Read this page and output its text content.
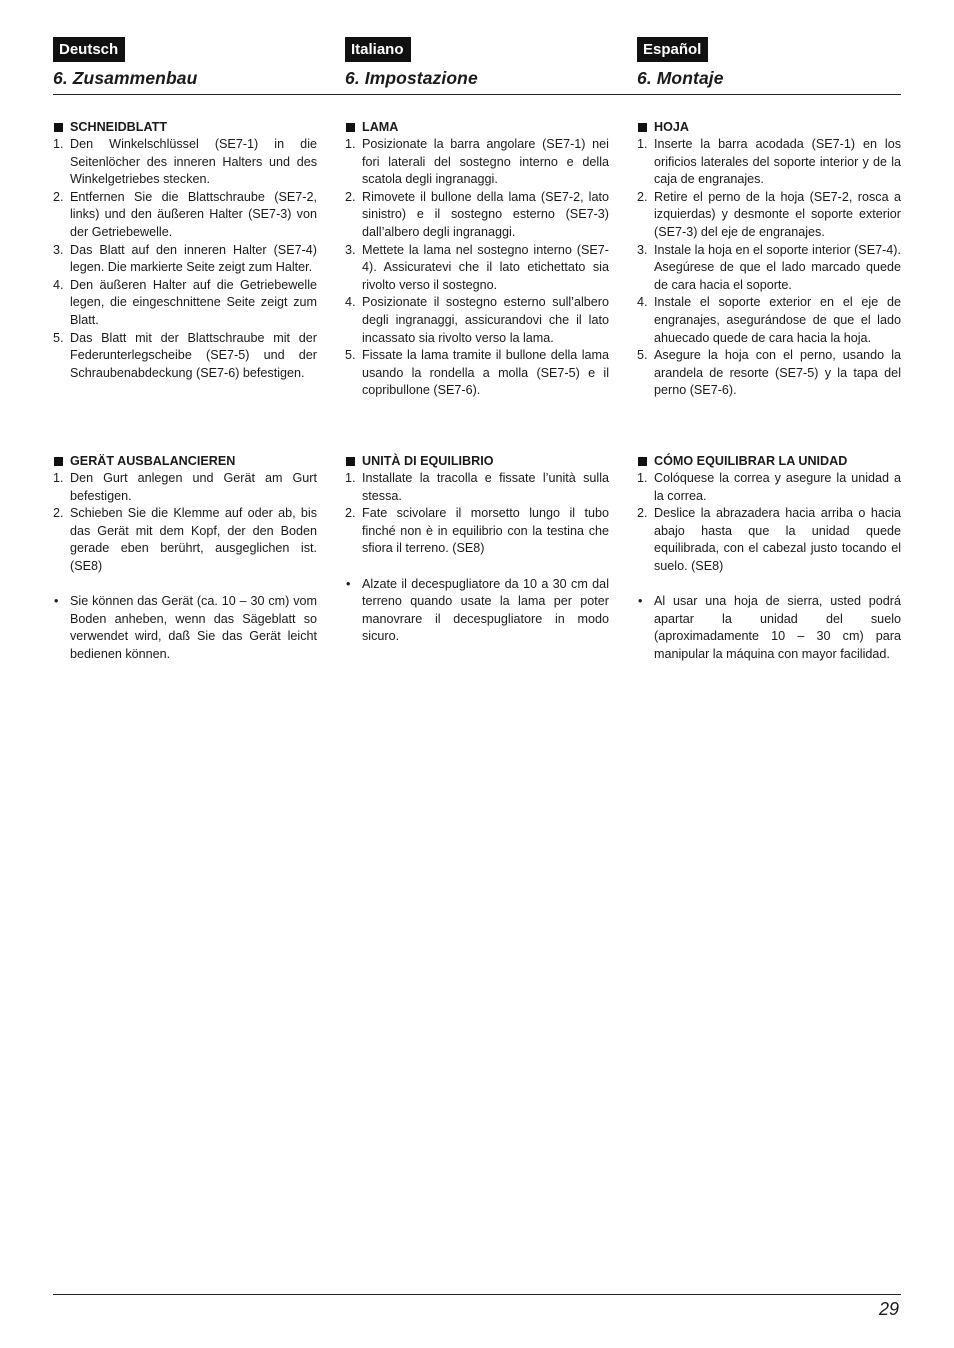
Deutsch
6. Zusammenbau
Italiano
6. Impostazione
Español
6. Montaje
SCHNEIDBLATT
1. Den Winkelschlüssel (SE7-1) in die Seitenlöcher des inneren Halters und des Winkelgetriebes stecken.
2. Entfernen Sie die Blattschraube (SE7-2, links) und den äußeren Halter (SE7-3) von der Getriebewelle.
3. Das Blatt auf den inneren Halter (SE7-4) legen. Die markierte Seite zeigt zum Halter.
4. Den äußeren Halter auf die Getriebewelle legen, die eingeschnittene Seite zeigt zum Blatt.
5. Das Blatt mit der Blattschraube mit der Federunterlegscheibe (SE7-5) und der Schraubenabdeckung (SE7-6) befestigen.
LAMA
1. Posizionate la barra angolare (SE7-1) nei fori laterali del sostegno interno e della scatola degli ingranaggi.
2. Rimovete il bullone della lama (SE7-2, lato sinistro) e il sostegno esterno (SE7-3) dall’albero degli ingranaggi.
3. Mettete la lama nel sostegno interno (SE7-4). Assicuratevi che il lato etichettato sia rivolto verso il sostegno.
4. Posizionate il sostegno esterno sull’albero degli ingranaggi, assicurandovi che il lato incassato sia rivolto verso la lama.
5. Fissate la lama tramite il bullone della lama usando la rondella a molla (SE7-5) e il copribullone (SE7-6).
HOJA
1. Inserte la barra acodada (SE7-1) en los orificios laterales del soporte interior y de la caja de engranajes.
2. Retire el perno de la hoja (SE7-2, rosca a izquierdas) y desmonte el soporte exterior (SE7-3) del eje de engranajes.
3. Instale la hoja en el soporte interior (SE7-4). Asegúrese de que el lado marcado quede de cara hacia el soporte.
4. Instale el soporte exterior en el eje de engranajes, asegurándose de que el lado ahuecado quede de cara hacia la hoja.
5. Asegure la hoja con el perno, usando la arandela de resorte (SE7-5) y la tapa del perno (SE7-6).
GERÄT AUSBALANCIEREN
1. Den Gurt anlegen und Gerät am Gurt befestigen.
2. Schieben Sie die Klemme auf oder ab, bis das Gerät mit dem Kopf, der den Boden gerade eben berührt, ausgeglichen ist. (SE8)
• Sie können das Gerät (ca. 10 – 30 cm) vom Boden anheben, wenn das Sägeblatt so verwendet wird, daß Sie das Gerät leicht bedienen können.
UNITÀ DI EQUILIBRIO
1. Installate la tracolla e fissate l’unità sulla stessa.
2. Fate scivolare il morsetto lungo il tubo finché non è in equilibrio con la testina che sfiora il terreno. (SE8)
• Alzate il decespugliatore da 10 a 30 cm dal terreno quando usate la lama per poter manovrare il decespugliatore in modo sicuro.
CÓMO EQUILIBRAR LA UNIDAD
1. Colóquese la correa y asegure la unidad a la correa.
2. Deslice la abrazadera hacia arriba o hacia abajo hasta que la unidad quede equilibrada, con el cabezal justo tocando el suelo. (SE8)
• Al usar una hoja de sierra, usted podrá apartar la unidad del suelo (aproximadamente 10 – 30 cm) para manipular la máquina con mayor facilidad.
29
